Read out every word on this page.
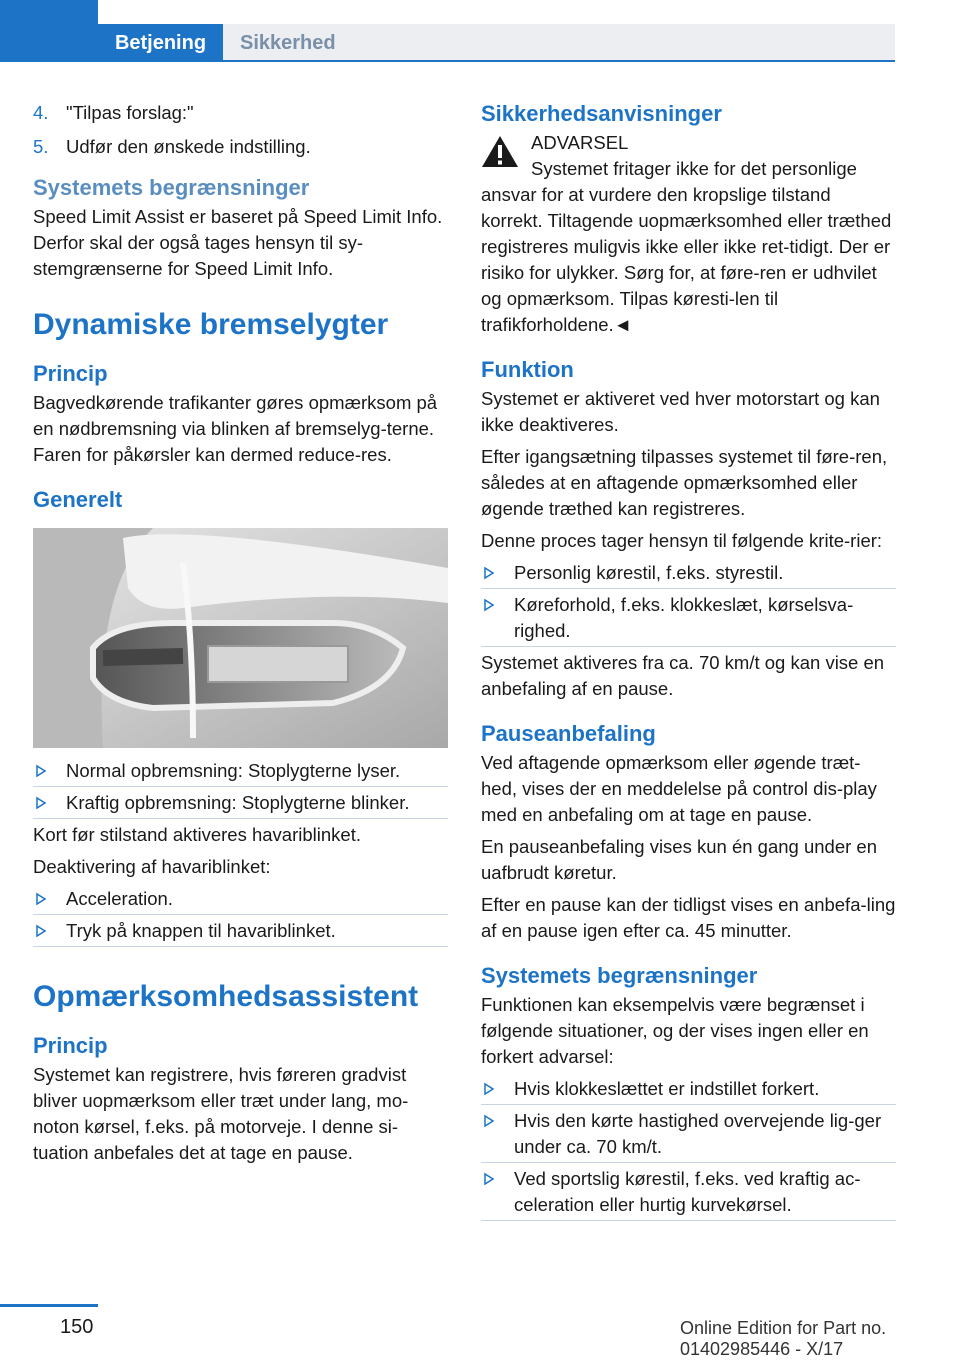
Betjening	Sikkerhed
4. "Tilpas forslag:"
5. Udfør den ønskede indstilling.
Systemets begrænsninger

Speed Limit Assist er baseret på Speed Limit Info. Derfor skal der også tages hensyn til sy-stemgrænserne for Speed Limit Info.

Dynamiske bremselygter
Princip

Bagvedkørende trafikanter gøres opmærksom på en nødbremsning via blinken af bremselyg-terne. Faren for påkørsler kan dermed reduce-res.

Generelt
Normal opbremsning: Stoplygterne lyser.
Kraftig opbremsning: Stoplygterne blinker.

Kort før stilstand aktiveres havariblinket.

Deaktivering af havariblinket:

Acceleration.
Tryk på knappen til havariblinket.
Opmærksomhedsassistent
Princip

Systemet kan registrere, hvis føreren gradvist bliver uopmærksom eller træt under lang, mo-noton kørsel, f.eks. på motorveje. I denne si-tuation anbefales det at tage en pause.

Sikkerhedsanvisninger

ADVARSEL

Systemet fritager ikke for det personlige ansvar for at vurdere den kropslige tilstand korrekt. Tiltagende uopmærksomhed eller træthed registreres muligvis ikke eller ikke ret-tidigt. Der er risiko for ulykker. Sørg for, at føre-ren er udhvilet og opmærksom. Tilpas køresti-len til trafikforholdene.◄

Funktion

Systemet er aktiveret ved hver motorstart og kan ikke deaktiveres.

Efter igangsætning tilpasses systemet til føre-ren, således at en aftagende opmærksomhed eller øgende træthed kan registreres.

Denne proces tager hensyn til følgende krite-rier:

Personlig kørestil, f.eks. styrestil.
Køreforhold, f.eks. klokkeslæt, kørselsva-righed.

Systemet aktiveres fra ca. 70 km/t og kan vise en anbefaling af en pause.

Pauseanbefaling

Ved aftagende opmærksom eller øgende træt-hed, vises der en meddelelse på control dis-play med en anbefaling om at tage en pause.

En pauseanbefaling vises kun én gang under en uafbrudt køretur.

Efter en pause kan der tidligst vises en anbefa-ling af en pause igen efter ca. 45 minutter.

Systemets begrænsninger

Funktionen kan eksempelvis være begrænset i følgende situationer, og der vises ingen eller en forkert advarsel:

Hvis klokkeslættet er indstillet forkert.
Hvis den kørte hastighed overvejende lig-ger under ca. 70 km/t.
Ved sportslig kørestil, f.eks. ved kraftig ac-celeration eller hurtig kurvekørsel.
150	Online Edition for Part no. 01402985446 - X/17
